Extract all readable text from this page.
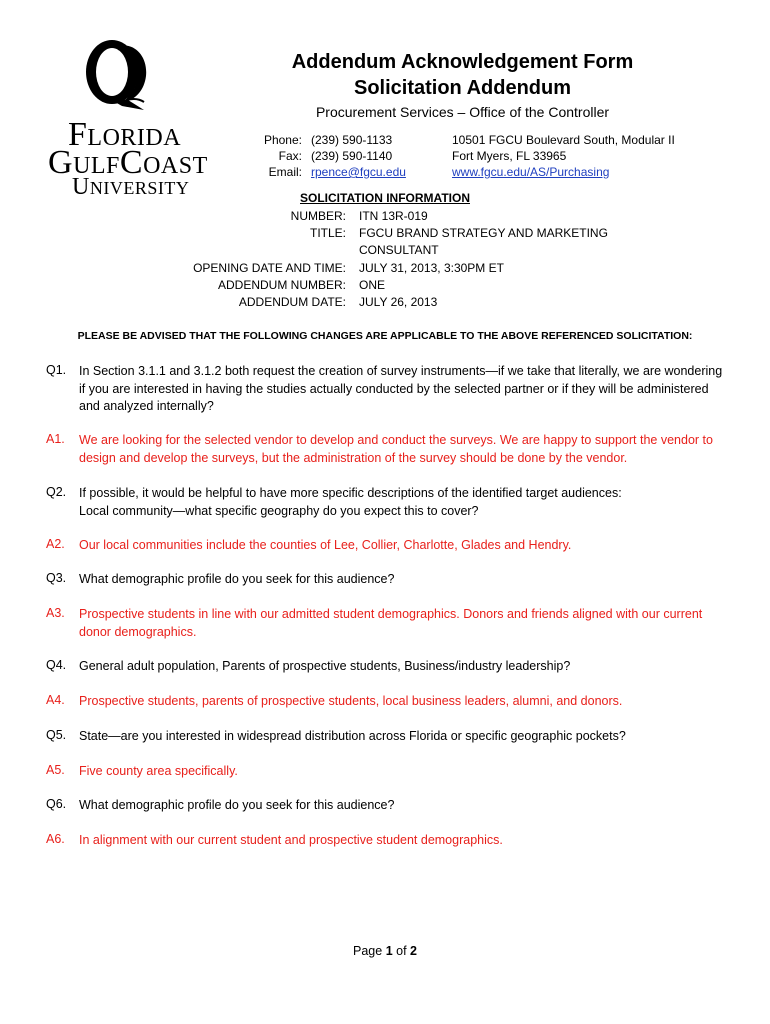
FLORIDA
GULFCOAST
UNIVERSITY
Addendum Acknowledgement Form
Solicitation Addendum
Procurement Services – Office of the Controller
Phone: (239) 590-1133
Fax: (239) 590-1140
Email: rpence@fgcu.edu
10501 FGCU Boulevard South, Modular II
Fort Myers, FL 33965
www.fgcu.edu/AS/Purchasing
SOLICITATION INFORMATION
NUMBER: ITN 13R-019
TITLE: FGCU BRAND STRATEGY AND MARKETING CONSULTANT
OPENING DATE AND TIME: JULY 31, 2013, 3:30PM ET
ADDENDUM NUMBER: ONE
ADDENDUM DATE: JULY 26, 2013
PLEASE BE ADVISED THAT THE FOLLOWING CHANGES ARE APPLICABLE TO THE ABOVE REFERENCED SOLICITATION:
Q1. In Section 3.1.1 and 3.1.2 both request the creation of survey instruments—if we take that literally, we are wondering if you are interested in having the studies actually conducted by the selected partner or if they will be administered and analyzed internally?
A1. We are looking for the selected vendor to develop and conduct the surveys. We are happy to support the vendor to design and develop the surveys, but the administration of the survey should be done by the vendor.
Q2. If possible, it would be helpful to have more specific descriptions of the identified target audiences:
Local community—what specific geography do you expect this to cover?
A2. Our local communities include the counties of Lee, Collier, Charlotte, Glades and Hendry.
Q3. What demographic profile do you seek for this audience?
A3. Prospective students in line with our admitted student demographics. Donors and friends aligned with our current donor demographics.
Q4. General adult population, Parents of prospective students, Business/industry leadership?
A4. Prospective students, parents of prospective students, local business leaders, alumni, and donors.
Q5. State—are you interested in widespread distribution across Florida or specific geographic pockets?
A5. Five county area specifically.
Q6. What demographic profile do you seek for this audience?
A6. In alignment with our current student and prospective student demographics.
Page 1 of 2
